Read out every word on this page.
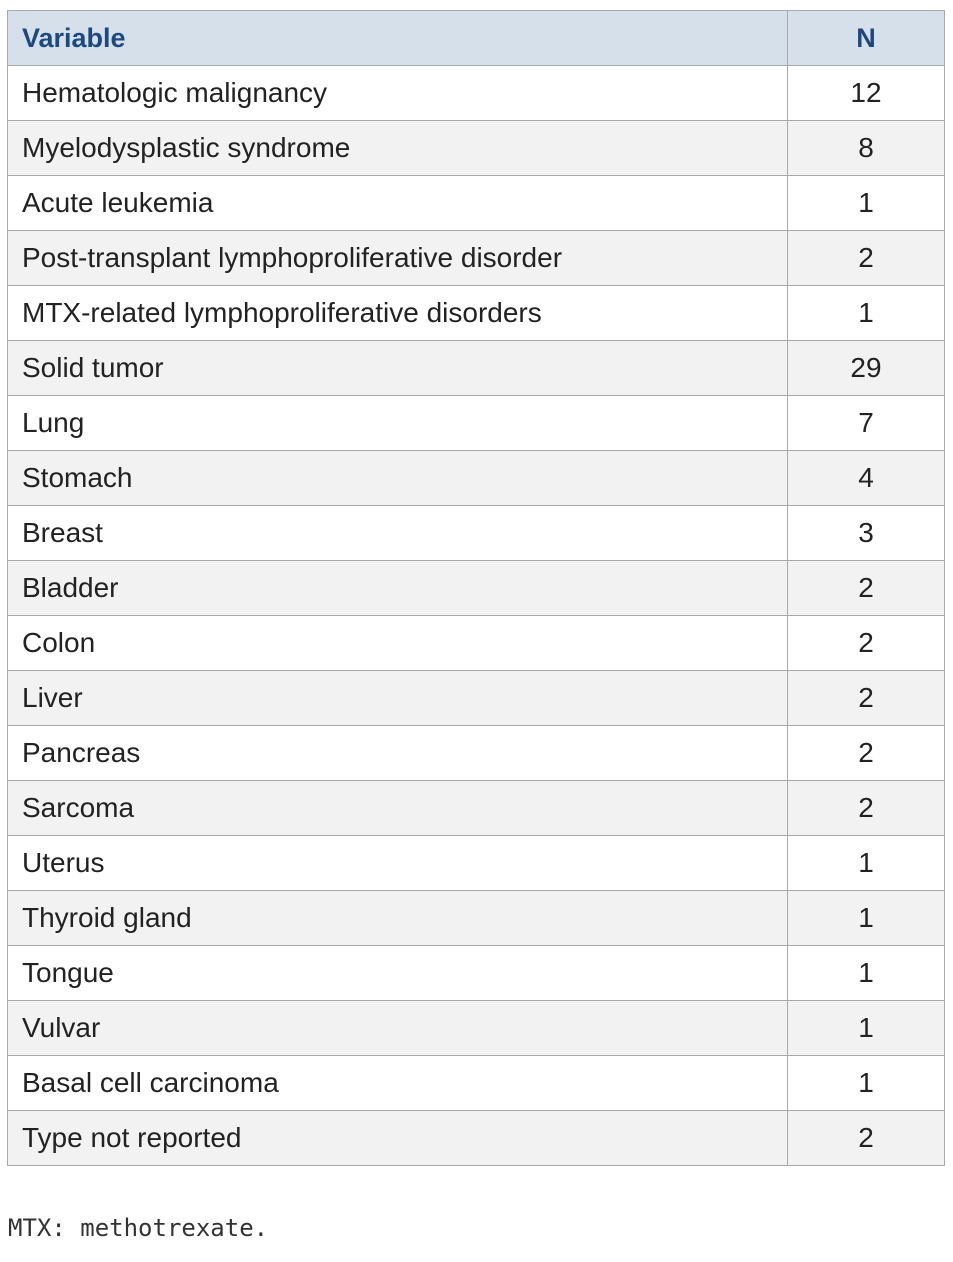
Variable	N
Hematologic malignancy	12
Myelodysplastic syndrome	8
Acute leukemia	1
Post-transplant lymphoproliferative disorder	2
MTX-related lymphoproliferative disorders	1
Solid tumor	29
Lung	7
Stomach	4
Breast	3
Bladder	2
Colon	2
Liver	2
Pancreas	2
Sarcoma	2
Uterus	1
Thyroid gland	1
Tongue	1
Vulvar	1
Basal cell carcinoma	1
Type not reported	2

MTX: methotrexate.
